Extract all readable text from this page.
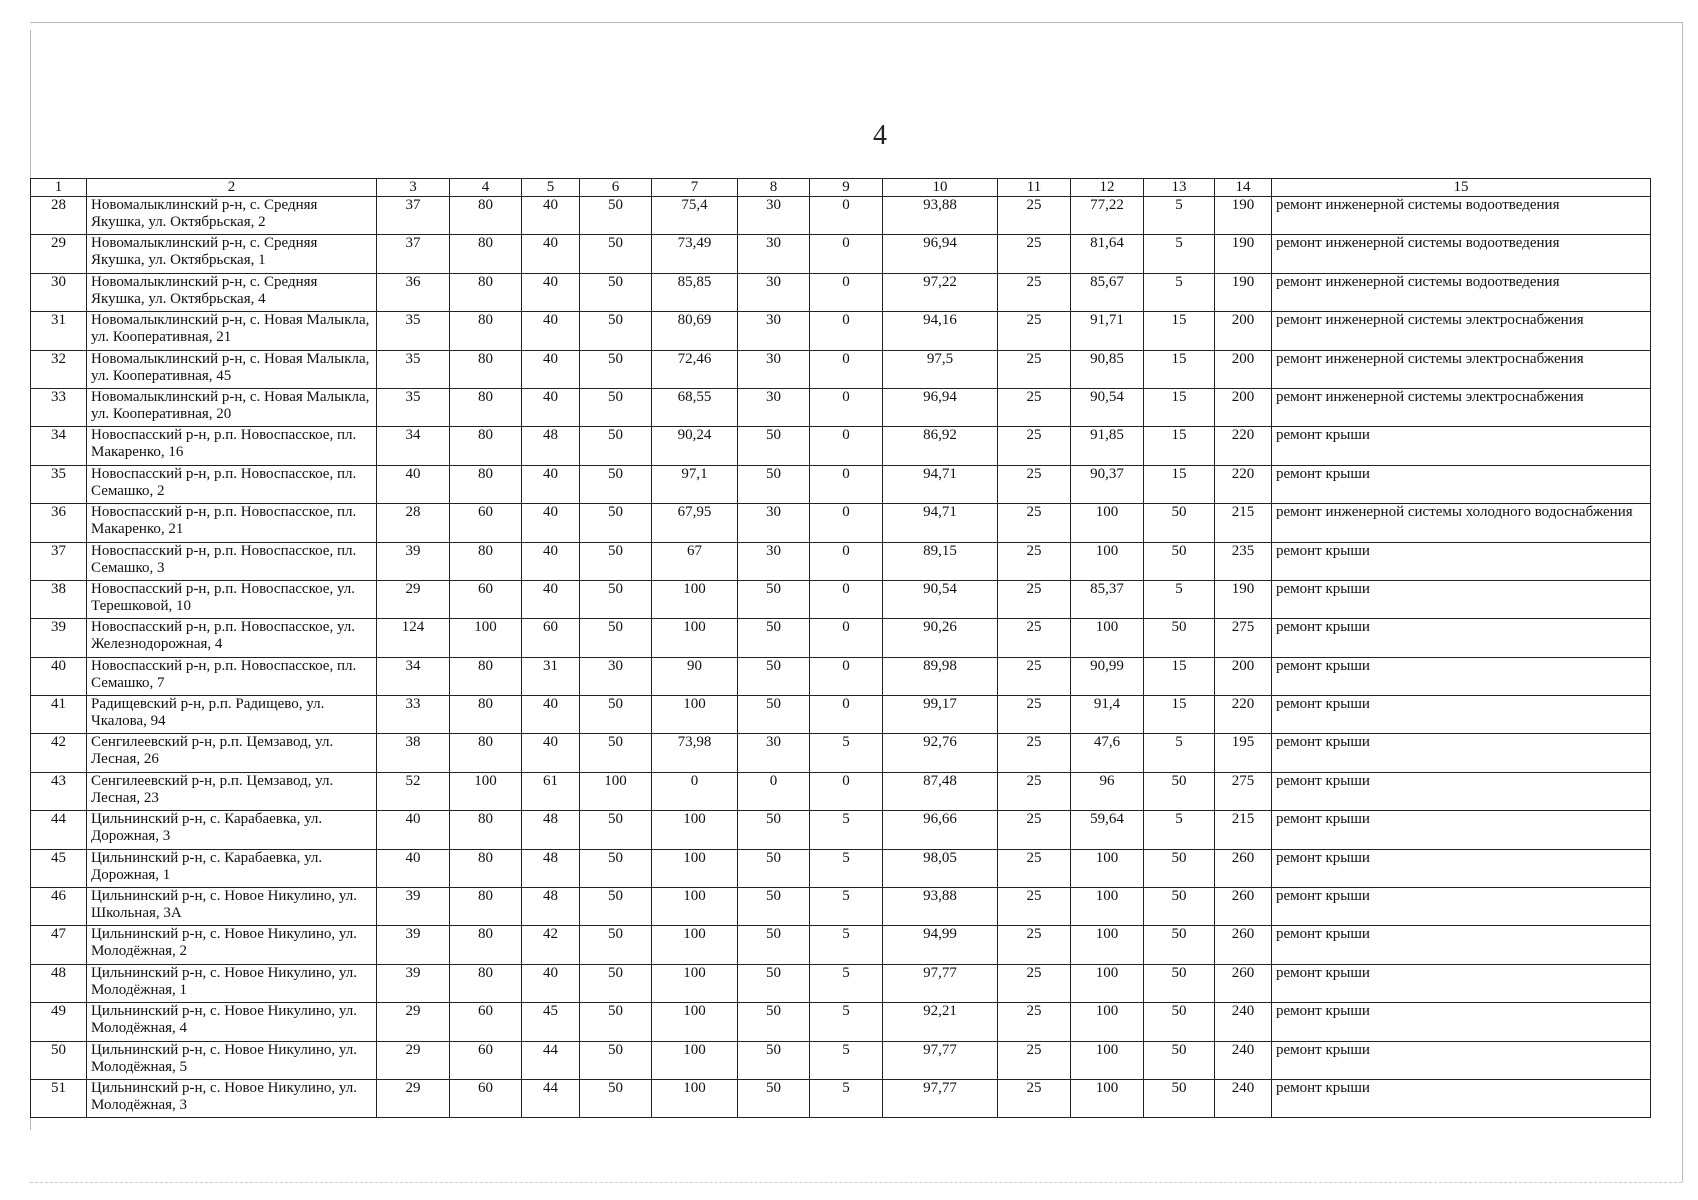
4
1	2	3	4	5	6	7	8	9	10	11	12	13	14	15
28	Новомалыклинский р-н, с. Средняя Якушка, ул. Октябрьская, 2	37	80	40	50	75,4	30	0	93,88	25	77,22	5	190	ремонт инженерной системы водоотведения
29	Новомалыклинский р-н, с. Средняя Якушка, ул. Октябрьская, 1	37	80	40	50	73,49	30	0	96,94	25	81,64	5	190	ремонт инженерной системы водоотведения
30	Новомалыклинский р-н, с. Средняя Якушка, ул. Октябрьская, 4	36	80	40	50	85,85	30	0	97,22	25	85,67	5	190	ремонт инженерной системы водоотведения
31	Новомалыклинский р-н, с. Новая Малыкла, ул. Кооперативная, 21	35	80	40	50	80,69	30	0	94,16	25	91,71	15	200	ремонт инженерной системы электроснабжения
32	Новомалыклинский р-н, с. Новая Малыкла, ул. Кооперативная, 45	35	80	40	50	72,46	30	0	97,5	25	90,85	15	200	ремонт инженерной системы электроснабжения
33	Новомалыклинский р-н, с. Новая Малыкла, ул. Кооперативная, 20	35	80	40	50	68,55	30	0	96,94	25	90,54	15	200	ремонт инженерной системы электроснабжения
34	Новоспасский р-н, р.п. Новоспасское, пл. Макаренко, 16	34	80	48	50	90,24	50	0	86,92	25	91,85	15	220	ремонт крыши
35	Новоспасский р-н, р.п. Новоспасское, пл. Семашко, 2	40	80	40	50	97,1	50	0	94,71	25	90,37	15	220	ремонт крыши
36	Новоспасский р-н, р.п. Новоспасское, пл. Макаренко, 21	28	60	40	50	67,95	30	0	94,71	25	100	50	215	ремонт инженерной системы холодного водоснабжения
37	Новоспасский р-н, р.п. Новоспасское, пл. Семашко, 3	39	80	40	50	67	30	0	89,15	25	100	50	235	ремонт крыши
38	Новоспасский р-н, р.п. Новоспасское, ул. Терешковой, 10	29	60	40	50	100	50	0	90,54	25	85,37	5	190	ремонт крыши
39	Новоспасский р-н, р.п. Новоспасское, ул. Железнодорожная, 4	124	100	60	50	100	50	0	90,26	25	100	50	275	ремонт крыши
40	Новоспасский р-н, р.п. Новоспасское, пл. Семашко, 7	34	80	31	30	90	50	0	89,98	25	90,99	15	200	ремонт крыши
41	Радищевский р-н, р.п. Радищево, ул. Чкалова, 94	33	80	40	50	100	50	0	99,17	25	91,4	15	220	ремонт крыши
42	Сенгилеевский р-н, р.п. Цемзавод, ул. Лесная, 26	38	80	40	50	73,98	30	5	92,76	25	47,6	5	195	ремонт крыши
43	Сенгилеевский р-н, р.п. Цемзавод, ул. Лесная, 23	52	100	61	100	0	0	0	87,48	25	96	50	275	ремонт крыши
44	Цильнинский р-н, с. Карабаевка, ул. Дорожная, 3	40	80	48	50	100	50	5	96,66	25	59,64	5	215	ремонт крыши
45	Цильнинский р-н, с. Карабаевка, ул. Дорожная, 1	40	80	48	50	100	50	5	98,05	25	100	50	260	ремонт крыши
46	Цильнинский р-н, с. Новое Никулино, ул. Школьная, 3А	39	80	48	50	100	50	5	93,88	25	100	50	260	ремонт крыши
47	Цильнинский р-н, с. Новое Никулино, ул. Молодёжная, 2	39	80	42	50	100	50	5	94,99	25	100	50	260	ремонт крыши
48	Цильнинский р-н, с. Новое Никулино, ул. Молодёжная, 1	39	80	40	50	100	50	5	97,77	25	100	50	260	ремонт крыши
49	Цильнинский р-н, с. Новое Никулино, ул. Молодёжная, 4	29	60	45	50	100	50	5	92,21	25	100	50	240	ремонт крыши
50	Цильнинский р-н, с. Новое Никулино, ул. Молодёжная, 5	29	60	44	50	100	50	5	97,77	25	100	50	240	ремонт крыши
51	Цильнинский р-н, с. Новое Никулино, ул. Молодёжная, 3	29	60	44	50	100	50	5	97,77	25	100	50	240	ремонт крыши
